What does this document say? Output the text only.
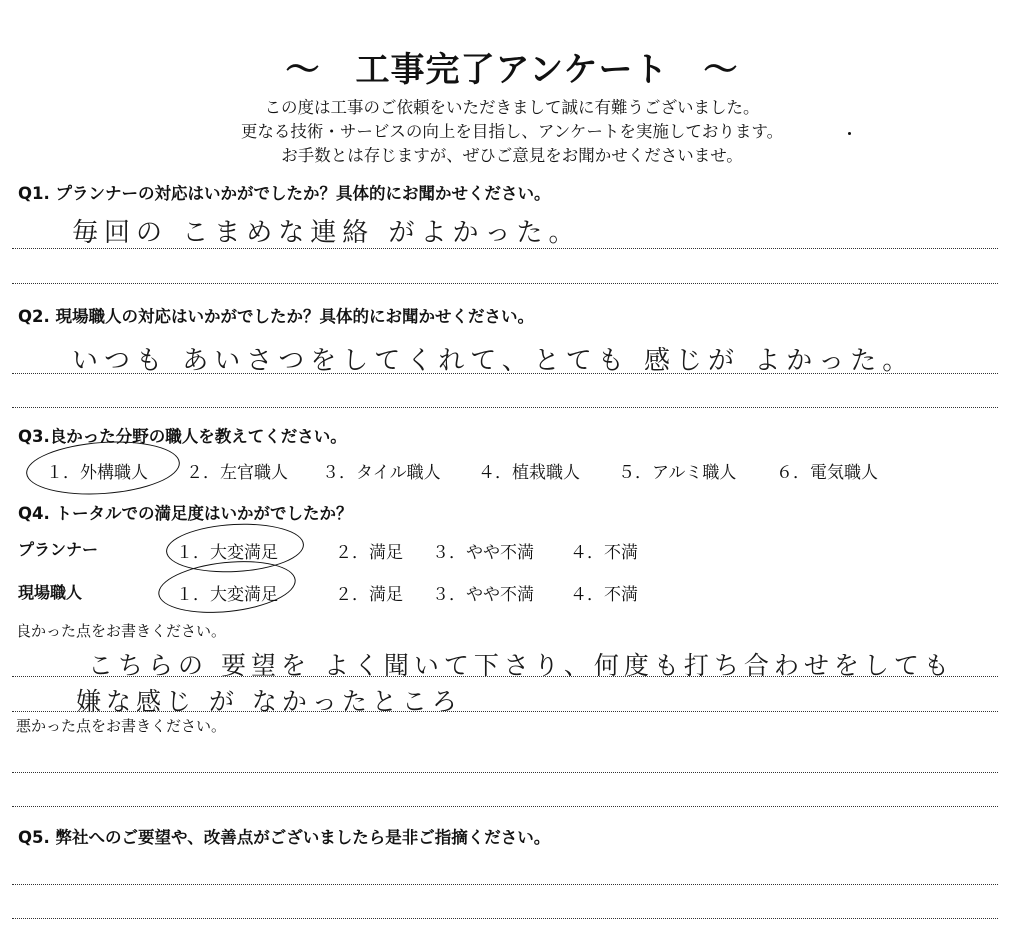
～　工事完了アンケート　～
この度は工事のご依頼をいただきまして誠に有難うございました。
更なる技術・サービスの向上を目指し、アンケートを実施しております。
お手数とは存じますが、ぜひご意見をお聞かせくださいませ。
Q1. プランナーの対応はいかがでしたか？具体的にお聞かせください。
毎回の こまめな連絡 がよかった。
Q2. 現場職人の対応はいかがでしたか？具体的にお聞かせください。
いつも あいさつをしてくれて、とても 感じが よかった。
Q3.良かった分野の職人を教えてください。
１．外構職人 ２．左官職人 ３．タイル職人 ４．植栽職人 ５．アルミ職人 ６．電気職人
Q4. トータルでの満足度はいかがでしたか？
プランナー	１．大変満足	２．満足 ３．やや不満 ４．不満
現場職人	１．大変満足	２．満足 ３．やや不満 ４．不満
良かった点をお書きください。
こちらの 要望を よく聞いて下さり、何度も打ち合わせをしても
嫌な感じ が なかったところ
悪かった点をお書きください。
Q5. 弊社へのご要望や、改善点がございましたら是非ご指摘ください。
